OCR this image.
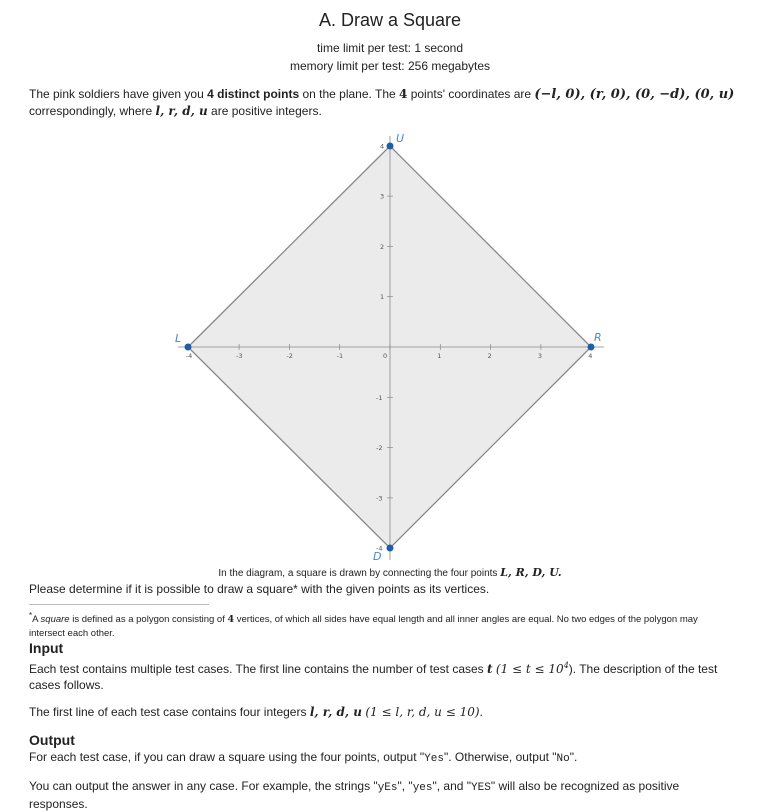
A. Draw a Square
time limit per test: 1 second
memory limit per test: 256 megabytes
The pink soldiers have given you 4 distinct points on the plane. The 4 points' coordinates are (−l, 0), (r, 0), (0, −d), (0, u)
correspondingly, where l, r, d, u are positive integers.
-4	-3	-2	-1	0	1	2	3	4
4
3
2
1
-1
-2
-3
-4
L	R
U
D
In the diagram, a square is drawn by connecting the four points L, R, D, U.
Please determine if it is possible to draw a square* with the given points as its vertices.
*A square is defined as a polygon consisting of 4 vertices, of which all sides have equal length and all inner angles are equal. No two edges of the polygon may intersect each other.
Input
Each test contains multiple test cases. The first line contains the number of test cases t $(1 \le t \le 10^4)$. The description of the test cases follows.
The first line of each test case contains four integers l, r, d, u (1 ≤ l, r, d, u ≤ 10).
Output
For each test case, if you can draw a square using the four points, output "Yes". Otherwise, output "No".
You can output the answer in any case. For example, the strings "yEs", "yes", and "YES" will also be recognized as positive responses.
